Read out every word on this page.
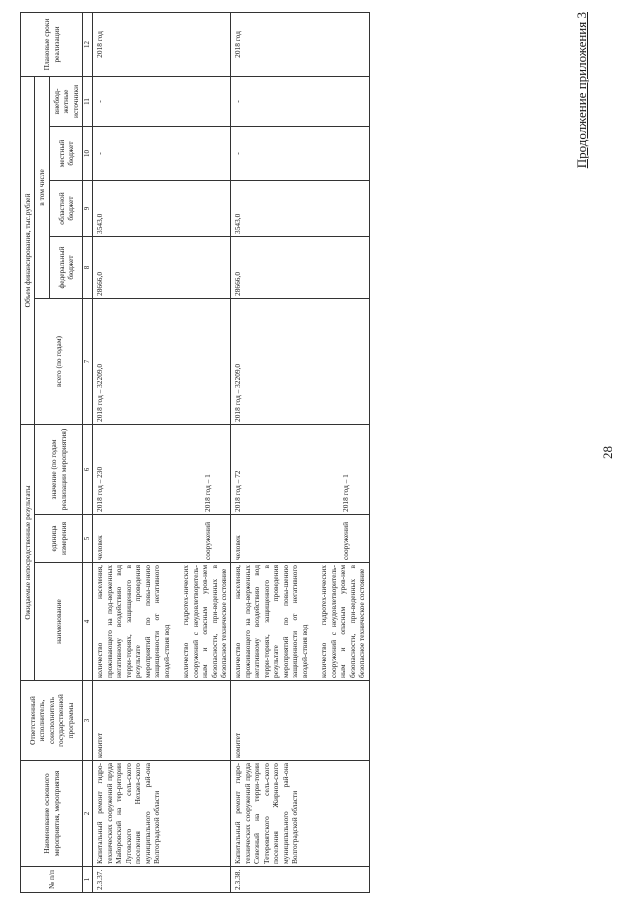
Продолжение приложения 3
№ п/п	Наименование основного мероприятия, мероприятия	Ответственный исполнитель, соисполнитель государственной программы	Ожидаемые непосредственные результаты			Объем финансирования, тыс.рублей					Плановые сроки реализации
			наименование	единица измерения	значение (по годам реализации мероприятия)	всего (по годам)	в том числе				
							федеральный бюджет	областной бюджет	местный бюджет	внебюд-жетные источники	
1	2	3	4	5	6	7	8	9	10	11	12
2.3.37.	Капитальный ремонт гидро-технических сооружений пруда Майоровский на тер-ритории Луговского сель-ского поселения Нехаев-ского муниципального рай-она Волгоградской области	комитет	количество населения, проживающего на под-верженных негативному воздействию вод терри-ториях, защищенного в результате проведения мероприятий по повы-шению защищенности от негативного воздей-ствия вод количество гидротех-нических сооружений с неудовлетворитель-ным и опасным уров-нем безопасности, при-веденных в безопасное техническое состояние	человек сооружений	2018 год – 230 2018 год – 1	2018 год – 32209,0	28666,0	3543,0	-	-	2018 год
2.3.38.	Капитальный ремонт гидро-технических сооружений пруда Севезный на терри-тории Тетеревятского сель-ского поселения Жирнов-ского муниципального рай-она Волгоградской области	комитет	количество населения, проживающего на под-верженных негативному воздействию вод терри-ториях, защищенного в результате проведения мероприятий по повы-шению защищенности от негативного воздей-ствия вод количество гидротех-нических сооружений с неудовлетворитель-ным и опасным уров-нем безопасности, при-веденных в безопасное техническое состояние	человек сооружений	2018 год – 72 2018 год – 1	2018 год – 32209,0	28666,0	3543,0	-	-	2018 год
28
